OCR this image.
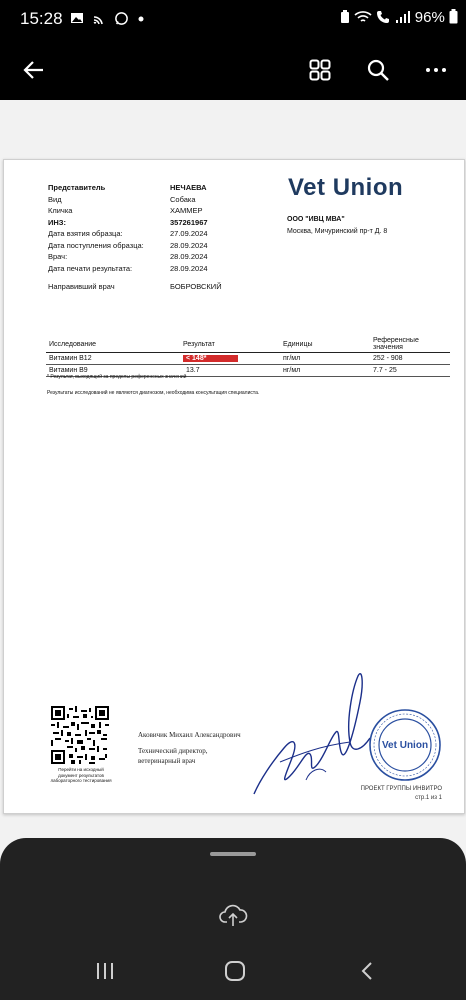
15:28
	96%
Представитель	НЕЧАЕВА
Вид	Собака
Кличка	ХАММЕР
ИНЗ:	357261967
Дата взятия образца:	27.09.2024
Дата поступления образца:	28.09.2024
Врач:	28.09.2024
Дата печати результата:	28.09.2024
Направивший врач	БОБРОВСКИЙ
Vet Union
ООО "ИВЦ МВА"
Москва, Мичуринский пр-т Д. 8
Исследование	Результат	Единицы	Референсные значения
Витамин B12	< 148*	пг/мл	252 - 908
Витамин B9	13.7	нг/мл	7.7 - 25
* Результат, выходящий за пределы референсных значений
Результаты исследований не являются диагнозом, необходима консультация специалиста.
Перейти на исходный документ результатов лабораторного тестирования
Аковичик Михаил Александрович
Технический директор,
ветеринарный врач
Vet Union
ПРОЕКТ ГРУППЫ ИНВИТРО
стр.1 из 1
